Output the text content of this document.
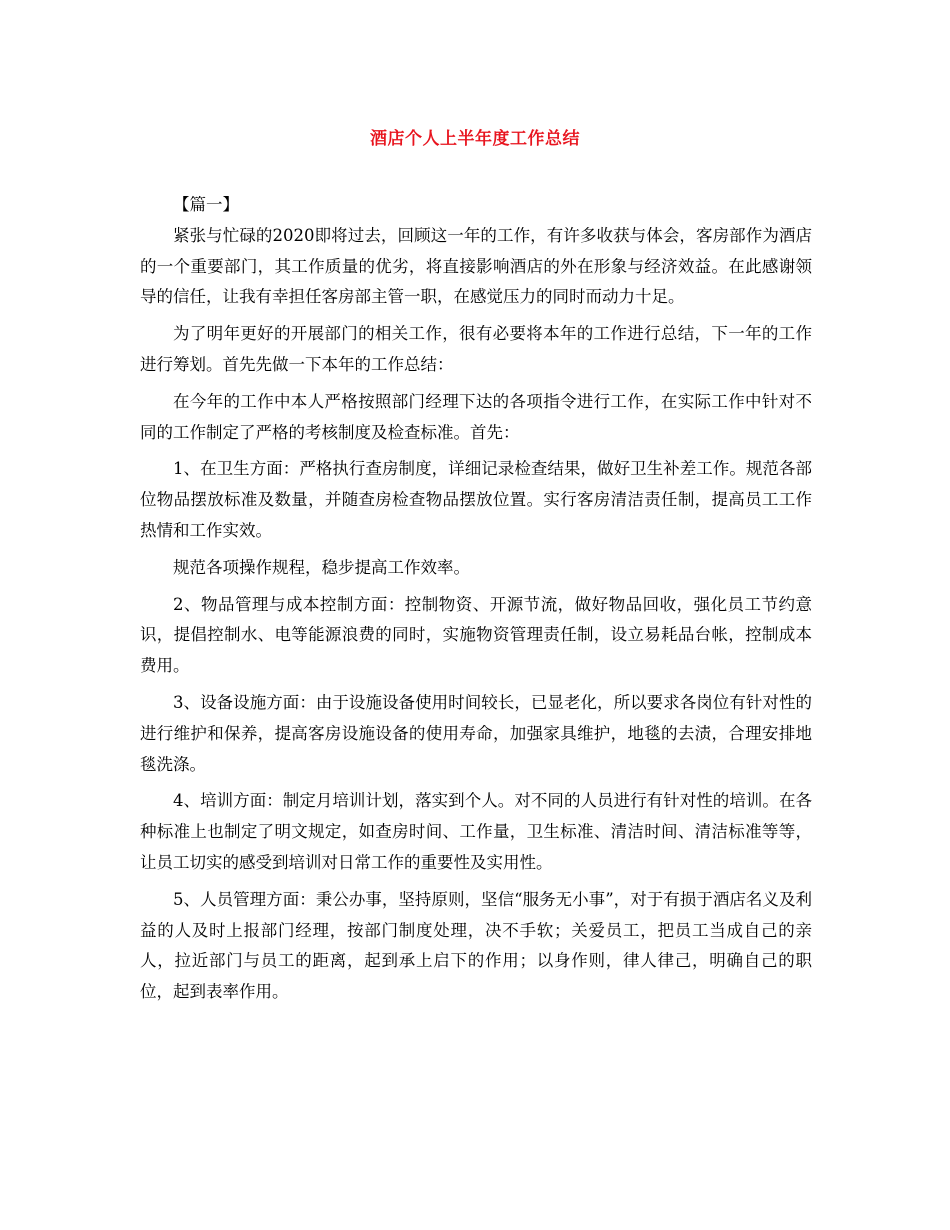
酒店个人上半年度工作总结

【篇一】

紧张与忙碌的2020即将过去，回顾这一年的工作，有许多收获与体会，客房部作为酒店的一个重要部门，其工作质量的优劣，将直接影响酒店的外在形象与经济效益。在此感谢领导的信任，让我有幸担任客房部主管一职，在感觉压力的同时而动力十足。

为了明年更好的开展部门的相关工作，很有必要将本年的工作进行总结，下一年的工作进行筹划。首先先做一下本年的工作总结：

在今年的工作中本人严格按照部门经理下达的各项指令进行工作，在实际工作中针对不同的工作制定了严格的考核制度及检查标准。首先：

1、在卫生方面：严格执行查房制度，详细记录检查结果，做好卫生补差工作。规范各部位物品摆放标准及数量，并随查房检查物品摆放位置。实行客房清洁责任制，提高员工工作热情和工作实效。

规范各项操作规程，稳步提高工作效率。

2、物品管理与成本控制方面：控制物资、开源节流，做好物品回收，强化员工节约意识，提倡控制水、电等能源浪费的同时，实施物资管理责任制，设立易耗品台帐，控制成本费用。

3、设备设施方面：由于设施设备使用时间较长，已显老化，所以要求各岗位有针对性的进行维护和保养，提高客房设施设备的使用寿命，加强家具维护，地毯的去渍，合理安排地毯洗涤。

4、培训方面：制定月培训计划，落实到个人。对不同的人员进行有针对性的培训。在各种标准上也制定了明文规定，如查房时间、工作量，卫生标准、清洁时间、清洁标准等等，让员工切实的感受到培训对日常工作的重要性及实用性。

5、人员管理方面：秉公办事，坚持原则，坚信“服务无小事”，对于有损于酒店名义及利益的人及时上报部门经理，按部门制度处理，决不手软；关爱员工，把员工当成自己的亲人，拉近部门与员工的距离，起到承上启下的作用；以身作则，律人律己，明确自己的职位，起到表率作用。
